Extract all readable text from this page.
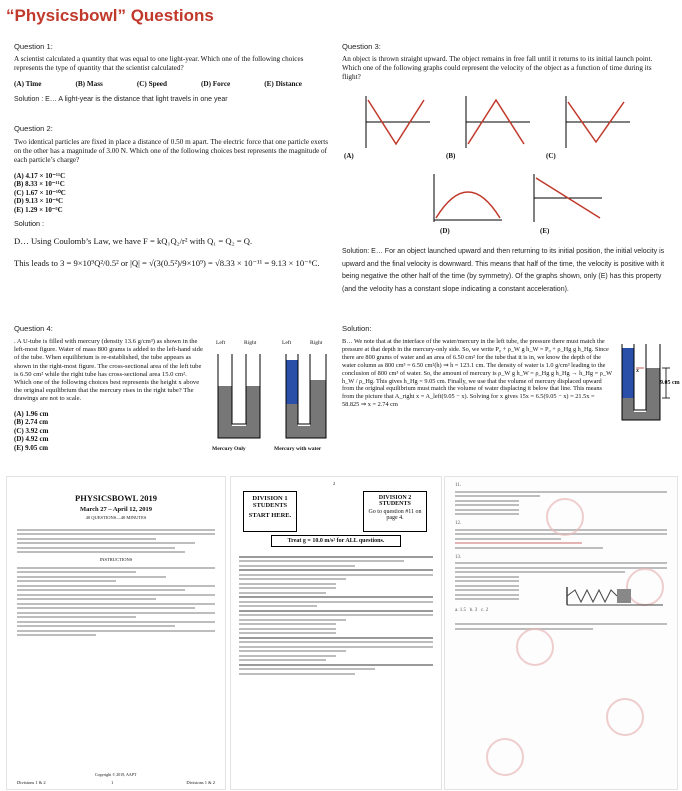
“Physicsbowl” Questions
Question 1:
A scientist calculated a quantity that was equal to one light-year. Which one of the following choices represents the type of quantity that the scientist calculated?
(A) Time	(B) Mass	(C) Speed	(D) Force	(E) Distance
Solution : E… A light-year is the distance that light travels in one year
Question 2:
Two identical particles are fixed in place a distance of 0.50 m apart. The electric force that one particle exerts on the other has a magnitude of 3.00 N. Which one of the following choices best represents the magnitude of each particle’s charge?
(A) 4.17 × 10⁻¹¹C
(B) 8.33 × 10⁻¹¹C
(C) 1.67 × 10⁻¹⁰C
(D) 9.13 × 10⁻⁶C
(E) 1.29 × 10⁻⁵C
Solution :
D… Using Coulomb’s Law, we have F = kQ₁Q₂/r² with Q₁ = Q₂ = Q.
This leads to 3 = 9×10⁹Q²/0.5² or |Q| = √(3(0.5²)/9×10⁹) = √8.33 × 10⁻¹¹ = 9.13 × 10⁻⁶C.
Question 3:
An object is thrown straight upward. The object remains in free fall until it returns to its initial launch point. Which one of the following graphs could represent the velocity of the object as a function of time during its flight?
(A)	(B)	(C)
(D)	(E)
Solution: E… For an object launched upward and then returning to its initial position, the initial velocity is upward and the final velocity is downward. This means that half of the time, the velocity is positive with it being negative the other half of the time (by symmetry). Of the graphs shown, only (E) has this property (and the velocity has a constant slope indicating a constant acceleration).
Question 4:
. A U-tube is filled with mercury (density 13.6 g/cm³) as shown in the left-most figure. Water of mass 800 grams is added to the left-hand side of the tube. When equilibrium is re-established, the tube appears as shown in the right-most figure. The cross-sectional area of the left tube is 6.50 cm² while the right tube has cross-sectional area 15.0 cm². Which one of the following choices best represents the height x above the original equilibrium that the mercury rises in the right tube? The drawings are not to scale.
(A) 1.96 cm
(B) 2.74 cm
(C) 3.92 cm
(D) 4.92 cm
(E) 9.05 cm
Left	Right	Left	Right
Mercury Only	Mercury with water
Solution:
B… We note that at the interface of the water/mercury in the left tube, the pressure there must match the pressure at that depth in the mercury-only side. So, we write P₀ + ρ_W g h_W = P₀ + ρ_Hg g h_Hg. Since there are 800 grams of water and an area of 6.50 cm² for the tube that it is in, we know the depth of the water column as 800 cm³ = 6.50 cm²(h) ⇒ h = 123.1 cm. The density of water is 1.0 g/cm³ leading to the conclusion of 800 cm³ of water. So, the amount of mercury is ρ_W g h_W = ρ_Hg g h_Hg → h_Hg = ρ_W h_W / ρ_Hg. This gives h_Hg = 9.05 cm. Finally, we use that the volume of mercury displaced upward from the original equilibrium must match the volume of water displacing it below that line. This means from the picture that A_right x = A_left(9.05 − x). Solving for x gives 15x = 6.5(9.05 − x) = 21.5x = 58.825 ⇒ x = 2.74 cm
9.05 cm
x
PHYSICSBOWL 2019
March 27 – April 12, 2019
40 QUESTIONS—40 MINUTES
INSTRUCTIONS
Divisions 1 & 2
Copyright © 2019, AAPT
1	Divisions 1 & 2
2
DIVISION 1 STUDENTS
START HERE.
DIVISION 2 STUDENTS
Go to question #11 on page 4.
Treat g = 10.0 m/s² for ALL questions.
11.
12.
13.
a. 1.5 b. 3 c. 2
